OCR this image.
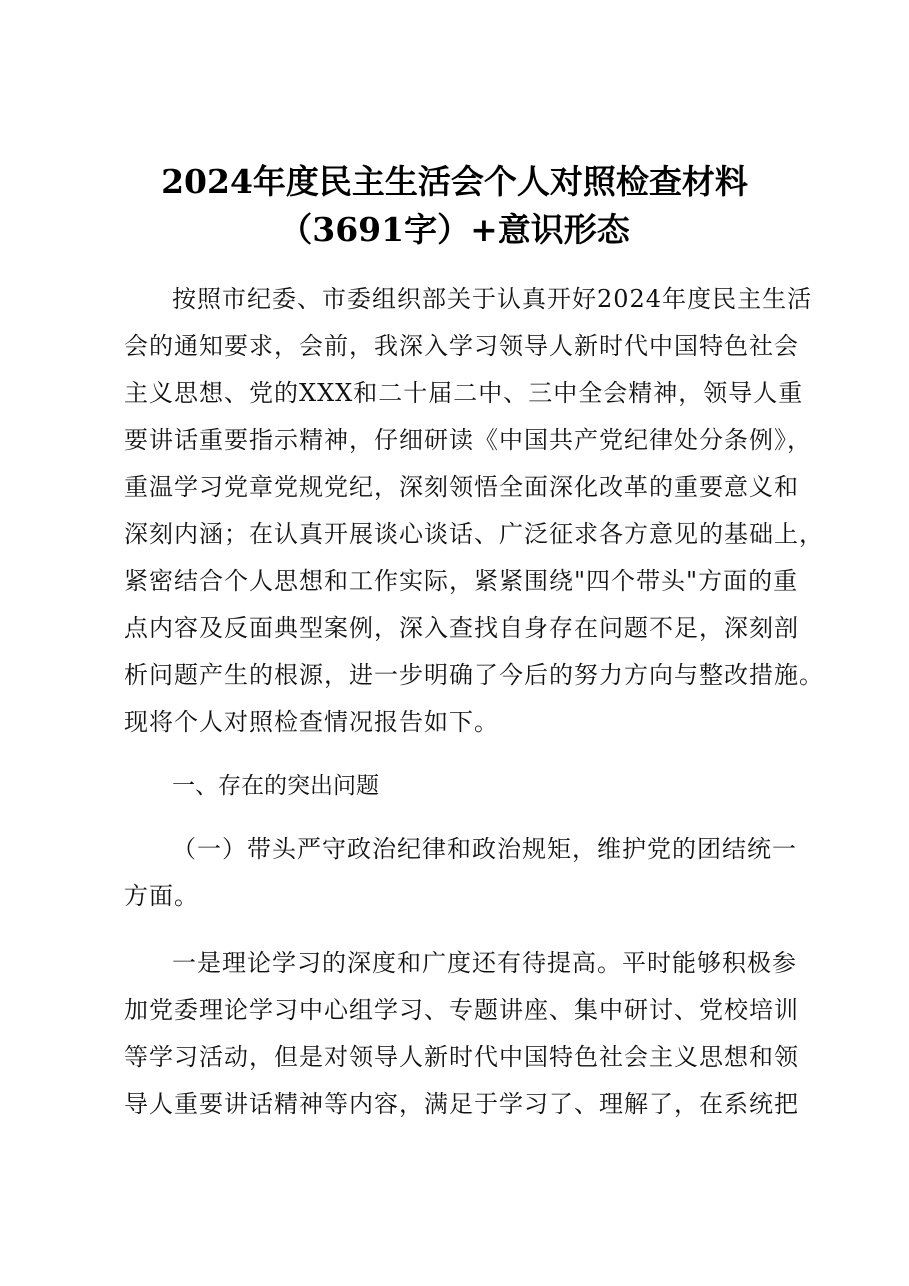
2024年度民主生活会个人对照检查材料
（3691字）+意识形态
按照市纪委、市委组织部关于认真开好2024年度民主生活
会的通知要求，会前，我深入学习领导人新时代中国特色社会
主义思想、党的XXX和二十届二中、三中全会精神，领导人重
要讲话重要指示精神，仔细研读《中国共产党纪律处分条例》，
重温学习党章党规党纪，深刻领悟全面深化改革的重要意义和
深刻内涵；在认真开展谈心谈话、广泛征求各方意见的基础上，
紧密结合个人思想和工作实际，紧紧围绕"四个带头"方面的重
点内容及反面典型案例，深入查找自身存在问题不足，深刻剖
析问题产生的根源，进一步明确了今后的努力方向与整改措施。
现将个人对照检查情况报告如下。
一、存在的突出问题
（一）带头严守政治纪律和政治规矩，维护党的团结统一
方面。
一是理论学习的深度和广度还有待提高。平时能够积极参
加党委理论学习中心组学习、专题讲座、集中研讨、党校培训
等学习活动，但是对领导人新时代中国特色社会主义思想和领
导人重要讲话精神等内容，满足于学习了、理解了，在系统把
